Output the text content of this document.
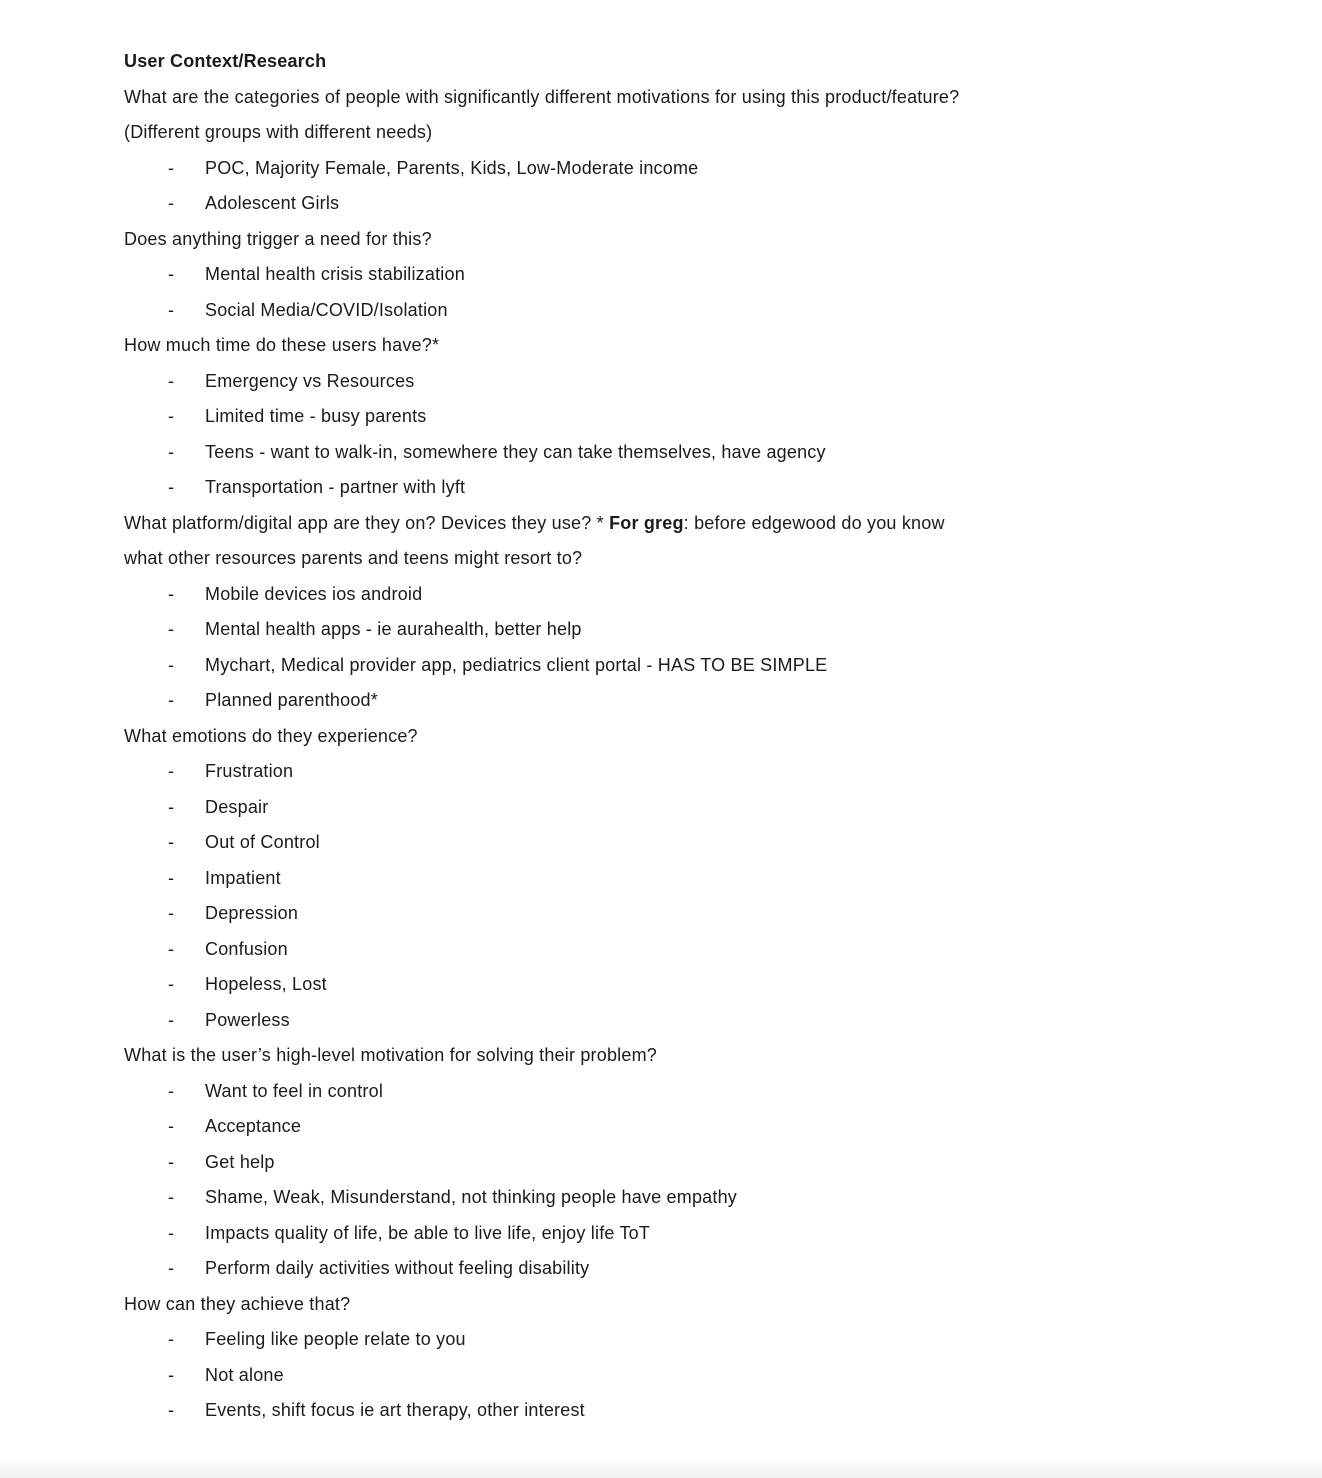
User Context/Research
What are the categories of people with significantly different motivations for using this product/feature?
(Different groups with different needs)
-	POC, Majority Female, Parents, Kids, Low-Moderate income
-	Adolescent Girls
Does anything trigger a need for this?
-	Mental health crisis stabilization
-	Social Media/COVID/Isolation
How much time do these users have?*
-	Emergency vs Resources
-	Limited time - busy parents
-	Teens - want to walk-in, somewhere they can take themselves, have agency
-	Transportation - partner with lyft
What platform/digital app are they on? Devices they use? * For greg: before edgewood do you know
what other resources parents and teens might resort to?
-	Mobile devices ios android
-	Mental health apps - ie aurahealth, better help
-	Mychart, Medical provider app, pediatrics client portal - HAS TO BE SIMPLE
-	Planned parenthood*
What emotions do they experience?
-	Frustration
-	Despair
-	Out of Control
-	Impatient
-	Depression
-	Confusion
-	Hopeless, Lost
-	Powerless
What is the user’s high-level motivation for solving their problem?
-	Want to feel in control
-	Acceptance
-	Get help
-	Shame, Weak, Misunderstand, not thinking people have empathy
-	Impacts quality of life, be able to live life, enjoy life ToT
-	Perform daily activities without feeling disability
How can they achieve that?
-	Feeling like people relate to you
-	Not alone
-	Events, shift focus ie art therapy, other interest
